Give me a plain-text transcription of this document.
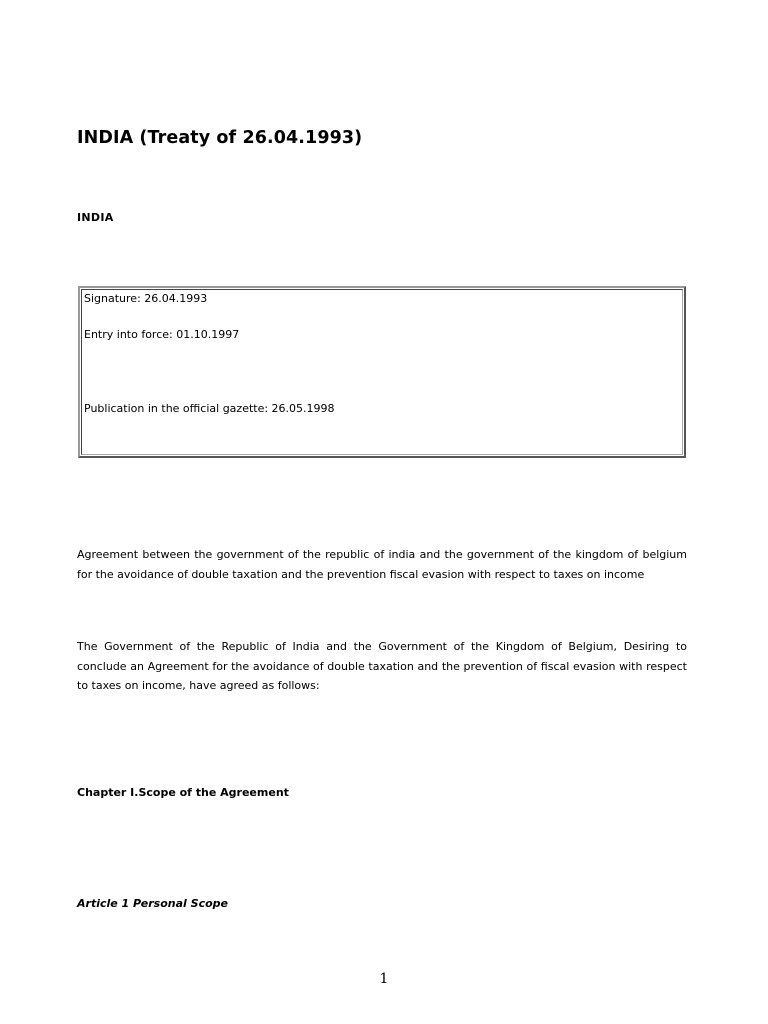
INDIA (Treaty of 26.04.1993)
INDIA
Signature: 26.04.1993
Entry into force: 01.10.1997
Publication in the official gazette: 26.05.1998
Agreement between the government of the republic of india and the government of the kingdom of belgium for the avoidance of double taxation and the prevention fiscal evasion with respect to taxes on income
The Government of the Republic of India and the Government of the Kingdom of Belgium, Desiring to conclude an Agreement for the avoidance of double taxation and the prevention of fiscal evasion with respect to taxes on income, have agreed as follows:
Chapter I.Scope of the Agreement
Article 1 Personal Scope
1
